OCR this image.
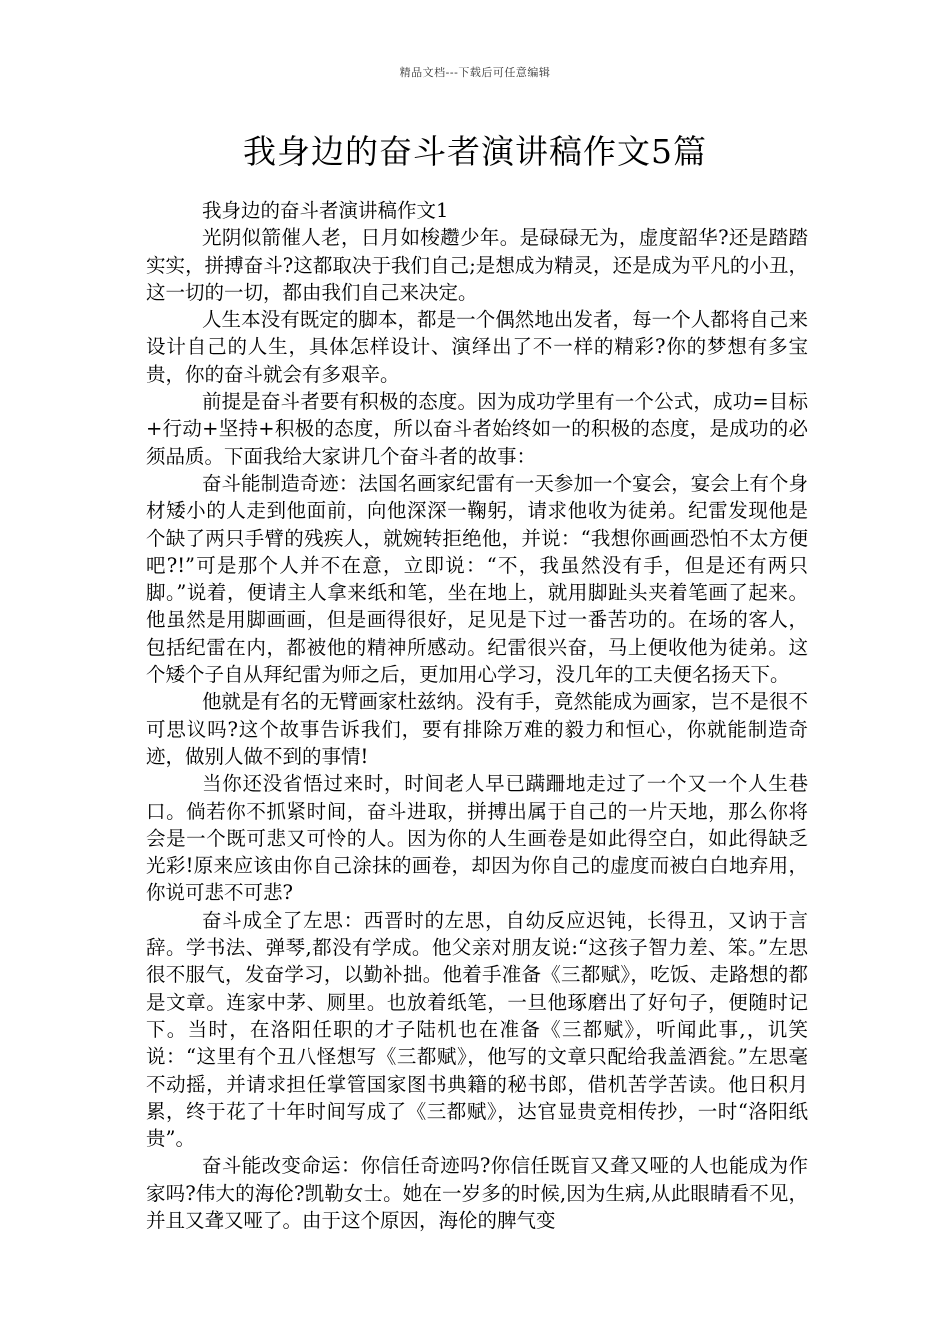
精品文档---下载后可任意编辑
我身边的奋斗者演讲稿作文5篇
我身边的奋斗者演讲稿作文1

光阴似箭催人老，日月如梭趱少年。是碌碌无为，虚度韶华?还是踏踏实实，拼搏奋斗?这都取决于我们自己;是想成为精灵，还是成为平凡的小丑，这一切的一切，都由我们自己来决定。

人生本没有既定的脚本，都是一个偶然地出发者，每一个人都将自己来设计自己的人生，具体怎样设计、演绎出了不一样的精彩?你的梦想有多宝贵，你的奋斗就会有多艰辛。

前提是奋斗者要有积极的态度。因为成功学里有一个公式，成功=目标+行动+坚持+积极的态度，所以奋斗者始终如一的积极的态度，是成功的必须品质。下面我给大家讲几个奋斗者的故事：

奋斗能制造奇迹：法国名画家纪雷有一天参加一个宴会，宴会上有个身材矮小的人走到他面前，向他深深一鞠躬，请求他收为徒弟。纪雷发现他是个缺了两只手臂的残疾人，就婉转拒绝他，并说：“我想你画画恐怕不太方便吧?!”可是那个人并不在意，立即说：“不，我虽然没有手，但是还有两只脚。”说着，便请主人拿来纸和笔，坐在地上，就用脚趾头夹着笔画了起来。他虽然是用脚画画，但是画得很好，足见是下过一番苦功的。在场的客人，包括纪雷在内，都被他的精神所感动。纪雷很兴奋，马上便收他为徒弟。这个矮个子自从拜纪雷为师之后，更加用心学习，没几年的工夫便名扬天下。

他就是有名的无臂画家杜兹纳。没有手，竟然能成为画家，岂不是很不可思议吗?这个故事告诉我们，要有排除万难的毅力和恒心，你就能制造奇迹，做别人做不到的事情!

当你还没省悟过来时，时间老人早已蹒跚地走过了一个又一个人生巷口。倘若你不抓紧时间，奋斗进取，拼搏出属于自己的一片天地，那么你将会是一个既可悲又可怜的人。因为你的人生画卷是如此得空白，如此得缺乏光彩!原来应该由你自己涂抹的画卷，却因为你自己的虚度而被白白地弃用，你说可悲不可悲?

奋斗成全了左思：西晋时的左思，自幼反应迟钝，长得丑，又讷于言辞。学书法、弹琴,都没有学成。他父亲对朋友说:“这孩子智力差、笨。”左思很不服气，发奋学习，以勤补拙。他着手准备《三都赋》，吃饭、走路想的都是文章。连家中茅、厕里。也放着纸笔，一旦他琢磨出了好句子，便随时记下。当时，在洛阳任职的才子陆机也在准备《三都赋》，听闻此事,，讥笑说：“这里有个丑八怪想写《三都赋》，他写的文章只配给我盖酒瓮。”左思毫不动摇，并请求担任掌管国家图书典籍的秘书郎，借机苦学苦读。他日积月累，终于花了十年时间写成了《三都赋》，达官显贵竞相传抄，一时“洛阳纸贵”。

奋斗能改变命运：你信任奇迹吗?你信任既盲又聋又哑的人也能成为作家吗?伟大的海伦?凯勒女士。她在一岁多的时候,因为生病,从此眼睛看不见，并且又聋又哑了。由于这个原因，海伦的脾气变
